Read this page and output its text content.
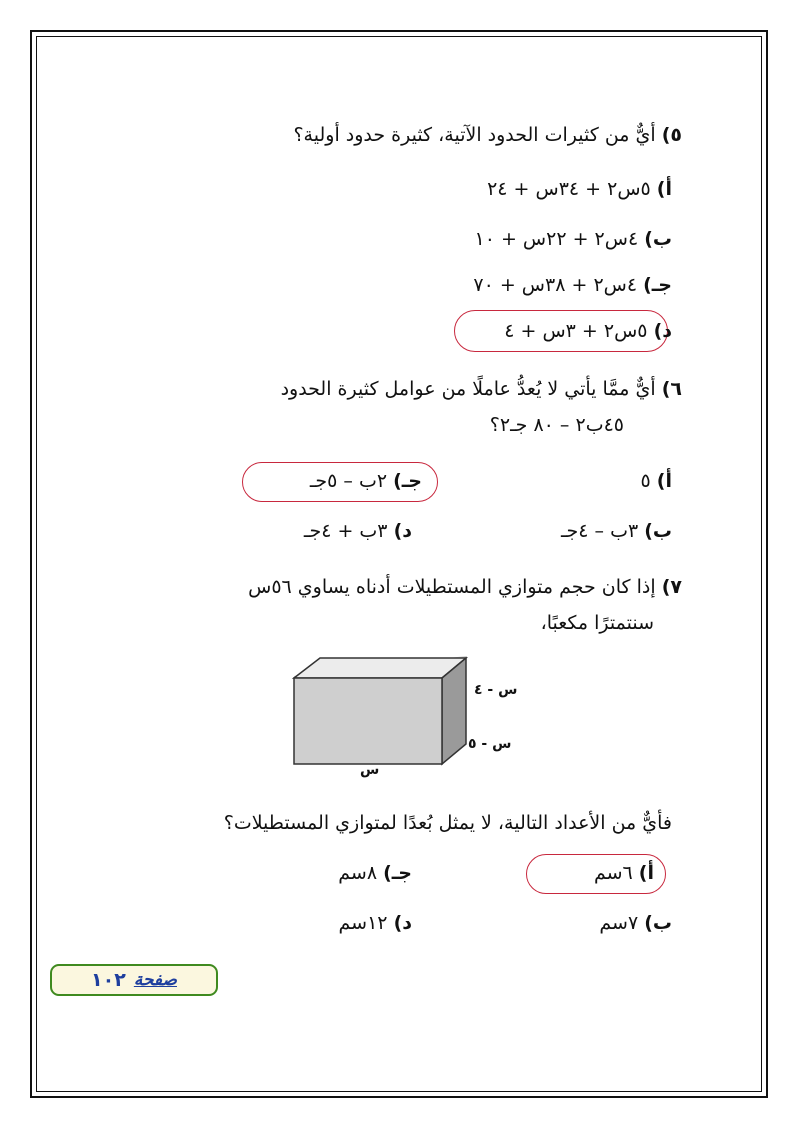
٥) أيٌّ من كثيرات الحدود الآتية، كثيرة حدود أولية؟
أ) ٥س٢ + ٣٤س + ٢٤
ب) ٤س٢ + ٢٢س + ١٠
جـ) ٤س٢ + ٣٨س + ٧٠
د) ٥س٢ + ٣س + ٤
٦) أيٌّ ممَّا يأتي لا يُعدُّ عاملًا من عوامل كثيرة الحدود
٤٥ب٢ – ٨٠ جـ٢؟
أ) ٥
جـ) ٢ب – ٥جـ
ب) ٣ب – ٤جـ
د) ٣ب + ٤جـ
٧) إذا كان حجم متوازي المستطيلات أدناه يساوي ٥٦س
سنتمترًا مكعبًا،
س - ٤
س - ٥
س
فأيٌّ من الأعداد التالية، لا يمثل بُعدًا لمتوازي المستطيلات؟
أ) ٦سم
جـ) ٨سم
ب) ٧سم
د) ١٢سم
صفحة
١٠٢
